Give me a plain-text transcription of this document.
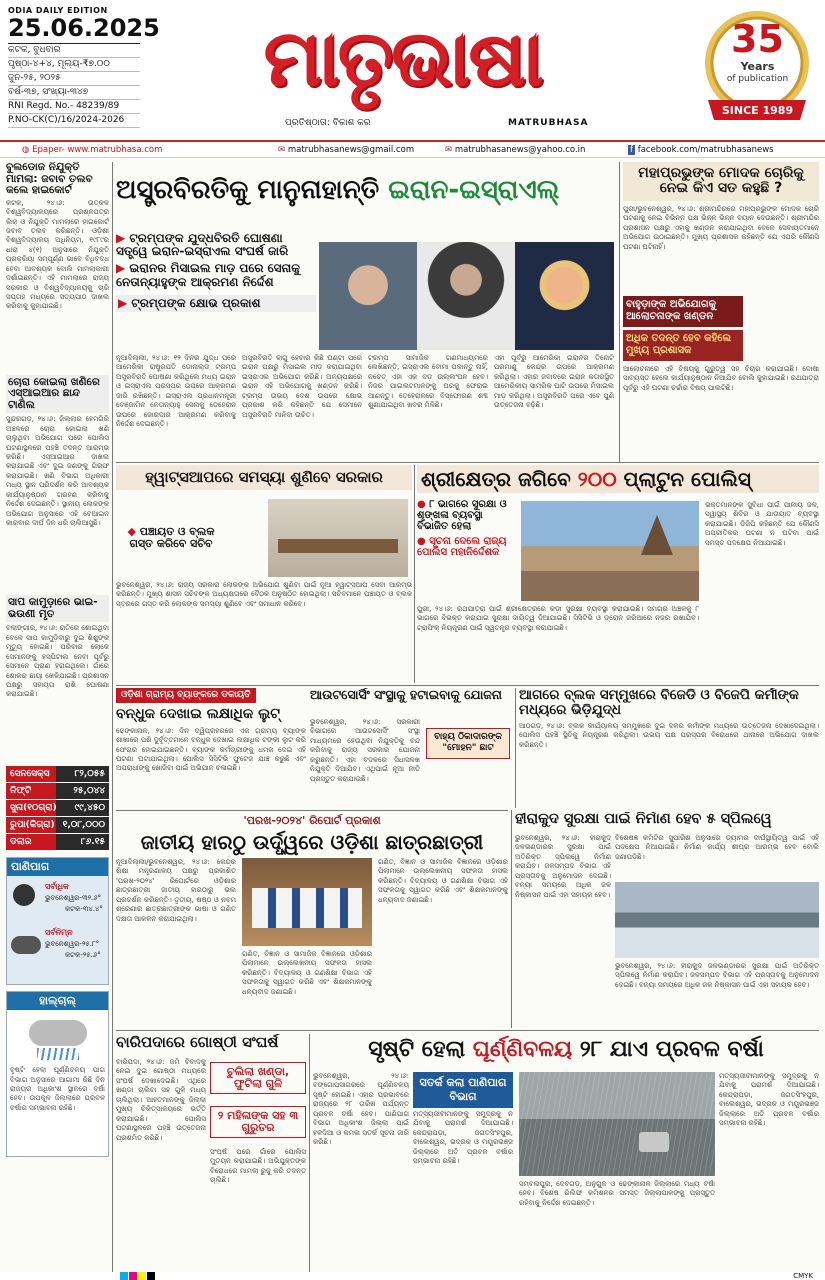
ODIA DAILY EDITION
25.06.2025
କଟକ, ବୁଧବାର
ପୃଷ୍ଠା-୪+୪, ମୂଲ୍ୟ-₹୭.୦୦
ଜୁନ-୨୫, ୨୦୨୫
ବର୍ଷ-୩୭, ସଂଖ୍ୟା-୩୪୭
RNI Regd. No.- 48239/89
P.NO-CK(C)/16/2024-2026
ମାତୃଭାଷା
ପ୍ରତିଷ୍ଠାତା: ବିକାଶ କର	MATRUBHASA
35
Years
of publication
SINCE 1989
◍ Epaper- www.matrubhasa.com	✉ matrubhasanews@gmail.com	✉ matrubhasanews@yahoo.co.in	f facebook.com/matrubhasanews
ବୁଲଡୋଜ ନିଯୁକ୍ତି ମାମଲା: ଜବାବ ତଲବ କଲେ ହାଇକୋର୍ଟ
କଟକ, ୨୪।୬: ଉତ୍କଳ ବିଶ୍ୱବିଦ୍ୟାଳୟରେ ପ୍ରଶ୍ନପତ୍ର ଲିକ୍ ଓ ନିଯୁକ୍ତି ମାମଲାରେ ହାଇକୋର୍ଟ ଜବାବ ତଲବ କରିଛନ୍ତି। ଓଡ଼ିଶା ବିଶ୍ୱବିଦ୍ୟାଳୟ ଅଧିନିୟମ, ୧୯୮୯ର ଧାରା ୪(୧) ଅନୁସାରେ ନିଯୁକ୍ତି ପ୍ରକ୍ରିୟା ସମ୍ପୂର୍ଣ୍ଣ ଭାବେ ବିଧିବଦ୍ଧ ହେବା ଆବଶ୍ୟକ ବୋଲି ମାମଲାକାରୀ ଦର୍ଶାଇଛନ୍ତି। ଏହି ମାମଲାରେ ରାଜ୍ୟ ସରକାର ଓ ବିଶ୍ୱବିଦ୍ୟାଳୟକୁ ଚାରି ସପ୍ତାହ ମଧ୍ୟରେ ସତ୍ୟପାଠ ଦାଖଲ କରିବାକୁ କୁହାଯାଇଛି।
ଚୋରା କୋଇଲା ଖଣିରେ ଏସ୍‌ଆଇଆର ଛାନ୍ଦ ଟାଣିଲ
ସୁନ୍ଦରଗଡ଼, ୨୪।୬: ଜିଲ୍ଲାର ହେମଗିରି ଅଞ୍ଚଳରେ ଚୋରା କୋଇଲା ଖଣି ଚାଲୁଥିବା ଅଭିଯୋଗ ପରେ ପୋଲିସ ଘଟଣାସ୍ଥଳରେ ପହଞ୍ଚି ତଦନ୍ତ ଆରମ୍ଭ କରିଛି। ଏସ୍‌ଆଇଆର ଦାଖଲ କରାଯାଇଛି ଏବଂ ଦୁଇ ଜଣଙ୍କୁ ଗିରଫ କରାଯାଇଛି। ଖଣି ବିଭାଗ ଅଧିକାରୀ ମଧ୍ୟ ସ୍ଥାନ ପରିଦର୍ଶନ କରି ଆବଶ୍ୟକ କାର୍ଯ୍ୟାନୁଷ୍ଠାନ ଗ୍ରହଣ କରିବାକୁ ନିର୍ଦ୍ଦେଶ ଦେଇଛନ୍ତି। ସ୍ଥାନୀୟ ଲୋକଙ୍କ ଅଭିଯୋଗ ଅନୁସାରେ ଏହି ବେଆଇନ କାରବାର ଦୀର୍ଘ ଦିନ ଧରି ଚାଲିଆସୁଛି।
ସାପ କାମୁଡ଼ାରେ ଭାଇ-ଭଉଣୀ ମୃତ
ବଲାଙ୍ଗୀର, ୨୪।୬: ରାତିରେ ଶୋଇଥିବା ବେଳେ ସାପ କାମୁଡ଼ିବାରୁ ଦୁଇ ଶିଶୁଙ୍କ ମୃତ୍ୟୁ ହୋଇଛି। ପରିବାର ଲୋକେ ସେମାନଙ୍କୁ ହସ୍ପିଟାଲ ନେବା ପୂର୍ବରୁ ସେମାନେ ପ୍ରାଣ ହରାଇଥିଲେ। ଗାଁରେ ଶୋକର ଛାୟା ଖେଳିଯାଇଛି। ପ୍ରଶାସନ ପକ୍ଷରୁ ସହାୟତା ରାଶି ଘୋଷଣା କରାଯାଇଛି।
ସେନସେକ୍ସ	୮୨,୦୫୫
ନିଫ୍ଟି	୨୫,୦୪୪
ସୁନା(୧୦ଗ୍ରା)	୯୯,୪୫୦
ରୁପା(କିଗ୍ରା) ୧,୦୮,୦୦୦
ଡଲାର	୮୬.୧୫
ପାଣିପାଗ
ସର୍ବାଧିକ
ଭୁବନେଶ୍ୱର-୩୨.୬°
କଟକ-୩୪.୪°
ସର୍ବନିମ୍ନ
ଭୁବନେଶ୍ୱର-୨୫.୮°
କଟକ-୨୫.୬°
ହାଲ୍‌ଚାଲ୍
ବୃଷ୍ଟି ହେଲା ଘୂର୍ଣ୍ଣିବଳୟ ପାଗ ବିଭାଗ ଅନୁସାରେ ଆଗାମୀ କିଛି ଦିନ ରାଜ୍ୟର ଅଧିକାଂଶ ସ୍ଥାନରେ ବର୍ଷା ହେବ। ଉପକୂଳ ଜିଲ୍ଲାରେ ପ୍ରବଳ ବର୍ଷାର ସମ୍ଭାବନା ରହିଛି।
ଅସ୍ତ୍ରବିରତିକୁ ମାନୁନାହାନ୍ତି ଇରାନ-ଇସ୍ରାଏଲ୍
▶ ଟ୍ରମ୍ପଙ୍କ ଯୁଦ୍ଧବିରତି ଘୋଷଣା ସତ୍ତ୍ୱେ ଇରାନ-ଇସ୍ରାଏଲ ସଂଘର୍ଷ ଜାରି
▶ ଇରାନର ମିସାଇଲ ମାଡ଼ ପରେ ସେନାକୁ ନେତାନ୍ୟାହୁଙ୍କ ଆକ୍ରମଣ ନିର୍ଦ୍ଦେଶ
▶ ଟ୍ରମ୍ପଙ୍କ କ୍ଷୋଭ ପ୍ରକାଶ
ନୂଆଦିଲ୍ଲୀ, ୨୪।୬: ୧୨ ଦିନର ଯୁଦ୍ଧ ପରେ ଆମେରିକା ରାଷ୍ଟ୍ରପତି ଡୋନାଲ୍ଡ ଟ୍ରମ୍ପ ଅସ୍ତ୍ରବିରତି ଘୋଷଣା କରିଥିଲେ ମଧ୍ୟ ଇରାନ ଓ ଇସ୍ରାଏଲ ପରସ୍ପର ଉପରେ ଆକ୍ରମଣ ଜାରି ରଖିଛନ୍ତି। ଇସ୍ରାଏଲ ପ୍ରଧାନମନ୍ତ୍ରୀ ବେଞ୍ଜାମିନ ନେତାନ୍ୟାହୁ ସେନାକୁ ତେହେରାନ ଉପରେ ଜୋରଦାର ଆକ୍ରମଣ କରିବାକୁ ନିର୍ଦ୍ଦେଶ ଦେଇଛନ୍ତି।
ଅସ୍ତ୍ରବିରତି ଲାଗୁ ହେବାର କିଛି ଘଣ୍ଟା ପରେ ଇରାନ ପକ୍ଷରୁ ମିସାଇଲ ମାଡ଼ କରାଯାଇଥିବା ଇସ୍ରାଏଲ ଅଭିଯୋଗ କରିଛି। ଅନ୍ୟପକ୍ଷରେ ଇରାନ ଏହି ଅଭିଯୋଗକୁ ଖଣ୍ଡନ କରିଛି। ଟ୍ରମ୍ପ ଉଭୟ ଦେଶ ଉପରେ କ୍ଷୋଭ ପ୍ରକାଶ କରି କହିଛନ୍ତି ଯେ ସେମାନେ ଅସ୍ତ୍ରବିରତି ମାନିବା ଉଚିତ।
ଟ୍ରମ୍ପ ସାମାଜିକ ଗଣମାଧ୍ୟମରେ ଲେଖିଛନ୍ତି, ଇସ୍ରାଏଲ ବୋମା ପକାନ୍ତୁ ନାହିଁ, ନଚେତ୍ ଏହା ଏକ ବଡ଼ ଉଲ୍ଲଂଘନ ହେବ। ନିଜର ପାଇଲଟମାନଙ୍କୁ ଘରକୁ ଫେରାଇ ଆଣନ୍ତୁ। ତେହେରାନରେ ବିସ୍ଫୋରଣ ଶବ୍ଦ ଶୁଣାଯାଇଥିବା ଖବର ମିଳିଛି।
ଏହା ପୂର୍ବରୁ ଆମେରିକା ଇରାନର ତିନୋଟି ପରମାଣୁ କେନ୍ଦ୍ର ଉପରେ ଆକ୍ରମଣ କରିଥିଲା। ଏହାର ଜବାବରେ ଇରାନ କତାରସ୍ଥିତ ଆମେରିକୀୟ ସାମରିକ ଘାଟି ଉପରେ ମିସାଇଲ ମାଡ଼ କରିଥିଲା। ଅସ୍ତ୍ରବିରତି ପରେ ଏବେ ପୁଣି ଉତ୍ତେଜନା ବଢ଼ିଛି।
ମହାପ୍ରଭୁଙ୍କ ମୋଦକ ଚୋରିକୁ ନେଇ କିଏ ସତ କହୁଛି ?
ପୁରୀ/ଭୁବନେଶ୍ୱର, ୨୪।୬: ଶ୍ରୀମନ୍ଦିରରେ ମହାପ୍ରଭୁଙ୍କ ମୋଦକ ଚୋରି ଘଟଣାକୁ ନେଇ ବିଭିନ୍ନ ପକ୍ଷ ଭିନ୍ନ ଭିନ୍ନ ବୟାନ ଦେଉଛନ୍ତି। ଶ୍ରୀମନ୍ଦିର ପ୍ରଶାସନ ପକ୍ଷରୁ ଏହାକୁ ଖଣ୍ଡନ କରାଯାଇଥିବା ବେଳେ ସେବାୟତମାନେ ଅଭିଯୋଗ ଉଠାଇଛନ୍ତି। ମୁଖ୍ୟ ପ୍ରଶାସକ କହିଛନ୍ତି ଯେ ଏପରି କୌଣସି ଘଟଣା ଘଟିନାହିଁ।
ବାହୁଡ଼ାଙ୍କ ଅଭିଯୋଗକୁ ଆଲୋଚନାଙ୍କ ଖଣ୍ଡନ
ଅଧିକ ତଦନ୍ତ ହେବ କହିଲେ ମୁଖ୍ୟ ପ୍ରଶାସକ
ଆଲୋଚନାରେ ଏହି ବିଷୟକୁ ଗୁରୁତ୍ୱ ସହ ବିଚାର କରାଯାଇଛି। ଦୋଷୀ ସାବ୍ୟସ୍ତ ହେଲେ କାର୍ଯ୍ୟାନୁଷ୍ଠାନ ନିଆଯିବ ବୋଲି କୁହାଯାଇଛି। ରଥଯାତ୍ରା ପୂର୍ବରୁ ଏହି ଘଟଣା ଚର୍ଚ୍ଚାର ବିଷୟ ପାଲଟିଛି।
ହ୍ୱାଟ୍‌ସଆପରେ ସମସ୍ୟା ଶୁଣିବେ ସରକାର
◆ ପଞ୍ଚାୟତ ଓ ବ୍ଲକ ଗସ୍ତ କରିବେ ସଚିବ
ଭୁବନେଶ୍ୱର, ୨୪।୬: ରାଜ୍ୟ ସରକାର ଲୋକଙ୍କ ଅଭିଯୋଗ ଶୁଣିବା ପାଇଁ ନୂଆ ହ୍ୱାଟ୍‌ସଆପ ସେବା ଆରମ୍ଭ କରିଛନ୍ତି। ମୁଖ୍ୟ ଶାସନ ସଚିବଙ୍କ ଅଧ୍ୟକ୍ଷତାରେ ବୈଠକ ଅନୁଷ୍ଠିତ ହୋଇଥିଲା। ସଚିବମାନେ ପଞ୍ଚାୟତ ଓ ବ୍ଲକ ସ୍ତରରେ ଗସ୍ତ କରି ଲୋକଙ୍କ ସମସ୍ୟା ଶୁଣିବେ ଏବଂ ସମାଧାନ କରିବେ।
ଶ୍ରୀକ୍ଷେତ୍ର ଜଗିବେ ୨୦୦ ପ୍ଲାଟୁନ ପୋଲିସ୍
● ୮ ଭାଗରେ ସୁରକ୍ଷା ଓ ଶୃଙ୍ଖଳା ବ୍ୟବସ୍ଥା ବିଭାଜିତ ହେଲା
● ସୂଚନା ଦେଲେ ରାଜ୍ୟ ପୋଲିସ ମହାନିର୍ଦ୍ଦେଶକ
ଭକ୍ତମାନଙ୍କ ସୁବିଧା ପାଇଁ ପାନୀୟ ଜଳ, ସ୍ୱାସ୍ଥ୍ୟ ଶିବିର ଓ ଯାତାୟାତ ବ୍ୟବସ୍ଥା କରାଯାଇଛି। ଡିଜିପି କହିଛନ୍ତି ଯେ କୌଣସି ଅପ୍ରୀତିକର ଘଟଣା ନ ଘଟିବା ପାଇଁ ସମସ୍ତ ପଦକ୍ଷେପ ନିଆଯାଇଛି।
ପୁରୀ, ୨୪।୬: ରଥଯାତ୍ରା ପାଇଁ ଶ୍ରୀକ୍ଷେତ୍ରରେ କଡ଼ା ସୁରକ୍ଷା ବ୍ୟବସ୍ଥା କରାଯାଇଛି। ସମଗ୍ର ଅଞ୍ଚଳକୁ ୮ ଭାଗରେ ବିଭକ୍ତ କରାଯାଇ ସୁରକ୍ଷା ଦାୟିତ୍ୱ ଦିଆଯାଇଛି। ସିସିଟିଭି ଓ ଡ୍ରୋନ ଜରିଆରେ ନଜର ରଖାଯିବ। ଟ୍ରାଫିକ୍ ନିୟନ୍ତ୍ରଣ ପାଇଁ ସ୍ୱତନ୍ତ୍ର ବ୍ୟବସ୍ଥା କରାଯାଇଛି।
ଓଡ଼ିଶା ଗ୍ରାମ୍ୟ ବ୍ୟାଙ୍କରେ ଡକାୟତି
ବନ୍ଧୁକ ଦେଖାଇ ଲକ୍ଷାଧିକ ଲୁଟ୍
ଢେଙ୍କାନାଳ, ୨୪।୬: ଦିନ ଦ୍ୱିପ୍ରହରରେ ଏକ ଗ୍ରାମ୍ୟ ବ୍ୟାଙ୍କ ଶାଖାରେ ପଶି ଦୁର୍ବୃତ୍ତମାନେ ବନ୍ଧୁକ ଦେଖାଇ ଲକ୍ଷାଧିକ ଟଙ୍କା ଲୁଟ କରି ଫେରାର ହୋଇଯାଇଛନ୍ତି। ବ୍ୟାଙ୍କ କର୍ମଚାରୀଙ୍କୁ ଧମକ ଦେଇ ଏହି ଘଟଣା ଘଟାଯାଇଥିଲା। ପୋଲିସ ସିସିଟିଭି ଫୁଟେଜ ଯାଞ୍ଚ କରୁଛି ଏବଂ ଅପରାଧୀଙ୍କୁ ଖୋଜିବା ପାଇଁ ଅଭିଯାନ ଚଳାଇଛି।
ଆଉଟସୋର୍ସିଂ ସଂସ୍ଥାକୁ ହଟାଇବାକୁ ଯୋଜନା
ଭୁବନେଶ୍ୱର, ୨୪।୬: ସରକାରୀ ବିଭାଗରେ ଆଉଟସୋର୍ସିଂ ସଂସ୍ଥା ମାଧ୍ୟମରେ ହେଉଥିବା ନିଯୁକ୍ତିକୁ ବନ୍ଦ କରିବାକୁ ରାଜ୍ୟ ସରକାର ଯୋଜନା କରୁଛନ୍ତି। ଏହା ବଦଳରେ ସିଧାସଳଖ ନିଯୁକ୍ତି ଦିଆଯିବ। ଏଥିପାଇଁ ନୂଆ ନୀତି ପ୍ରସ୍ତୁତ କରାଯାଉଛି।
ବାହ୍ୟ ଠିକାଦାରଙ୍କ "ମୋହନ" ଛାଟ
ଆଗରେ ବ୍ଲକ ସମ୍ମୁଖରେ ବିଜେଡି ଓ ବିଜେପି କର୍ମୀଙ୍କ ମଧ୍ୟରେ ଭିଡ଼ିଯୁଦ୍ଧ
ଆଠଗଡ଼, ୨୪।୬: ବ୍ଲକ କାର୍ଯ୍ୟାଳୟ ସମ୍ମୁଖରେ ଦୁଇ ଦଳର କର୍ମୀଙ୍କ ମଧ୍ୟରେ ଉତ୍ତେଜନା ଦେଖାଦେଇଥିଲା। ପୋଲିସ ପହଞ୍ଚି ସ୍ଥିତିକୁ ନିୟନ୍ତ୍ରଣ କରିଥିଲା। ଉଭୟ ପକ୍ଷ ପରସ୍ପର ବିରୋଧରେ ଥାନାରେ ଅଭିଯୋଗ ଦାଖଲ କରିଛନ୍ତି।
'ପରଖ-୨୦୨୪' ରିପୋର୍ଟ ପ୍ରକାଶ
ଜାତୀୟ ହାରଠୁ ଉର୍ଦ୍ଧ୍ୱରେ ଓଡ଼ିଶା ଛାତ୍ରଛାତ୍ରୀ
ନୂଆଦିଲ୍ଲୀ/ଭୁବନେଶ୍ୱର, ୨୪।୬: କେନ୍ଦ୍ର ଶିକ୍ଷା ମନ୍ତ୍ରଣାଳୟ ପକ୍ଷରୁ ପ୍ରକାଶିତ 'ପରଖ-୨୦୨୪' ରିପୋର୍ଟରେ ଓଡ଼ିଶାର ଛାତ୍ରଛାତ୍ରୀ ଜାତୀୟ ହାରଠାରୁ ଭଲ ପ୍ରଦର୍ଶନ କରିଛନ୍ତି। ତୃତୀୟ, ଷଷ୍ଠ ଓ ନବମ ଶ୍ରେଣୀର ଛାତ୍ରଛାତ୍ରୀଙ୍କ ଭାଷା ଓ ଗଣିତ ଦକ୍ଷତା ଆକଳନ କରାଯାଇଥିଲା।
ଗଣିତ, ବିଜ୍ଞାନ ଓ ସାମାଜିକ ବିଜ୍ଞାନରେ ଓଡ଼ିଶାର ପିଲାମାନେ ଉଲ୍ଲେଖନୀୟ ସଫଳତା ହାସଲ କରିଛନ୍ତି। ବିଦ୍ୟାଳୟ ଓ ଗଣଶିକ୍ଷା ବିଭାଗ ଏହି ସଫଳତାକୁ ସ୍ୱାଗତ କରିଛି ଏବଂ ଶିକ୍ଷକମାନଙ୍କୁ ଧନ୍ୟବାଦ ଜଣାଇଛି।
ଗଣିତ, ବିଜ୍ଞାନ ଓ ସାମାଜିକ ବିଜ୍ଞାନରେ ଓଡ଼ିଶାର ପିଲାମାନେ ଉଲ୍ଲେଖନୀୟ ସଫଳତା ହାସଲ କରିଛନ୍ତି। ବିଦ୍ୟାଳୟ ଓ ଗଣଶିକ୍ଷା ବିଭାଗ ଏହି ସଫଳତାକୁ ସ୍ୱାଗତ କରିଛି ଏବଂ ଶିକ୍ଷକମାନଙ୍କୁ ଧନ୍ୟବାଦ ଜଣାଇଛି।
ହୀରାକୁଦ ସୁରକ୍ଷା ପାଇଁ ନିର୍ମାଣ ହେବ ୫ ସ୍ପିଲୱେ
ଭୁବନେଶ୍ୱର, ୨୪।୬: ହୀରାକୁଦ ଜଳଭଣ୍ଡାରର ସୁରକ୍ଷା ପାଇଁ ଅତିରିକ୍ତ ସ୍ପିଲୱେ ନିର୍ମାଣ କରାଯିବ। ଜଳସମ୍ପଦ ବିଭାଗ ଏହି ପ୍ରସ୍ତାବକୁ ଅନୁମୋଦନ ଦେଇଛି। ବନ୍ୟା ସମୟରେ ଅଧିକ ଜଳ ନିଷ୍କାସନ ପାଇଁ ଏହା ସହାୟକ ହେବ।
ବିଶେଷଜ୍ଞ କମିଟିର ସୁପାରିଶ ଅନୁସାରେ ଡ୍ୟାମର ଦୀର୍ଘସ୍ଥାୟିତ୍ୱ ପାଇଁ ଏହି ପଦକ୍ଷେପ ନିଆଯାଇଛି। ନିର୍ମାଣ କାର୍ଯ୍ୟ ଶୀଘ୍ର ଆରମ୍ଭ ହେବ ବୋଲି ଜଣାପଡ଼ିଛି।
ଭୁବନେଶ୍ୱର, ୨୪।୬: ହୀରାକୁଦ ଜଳଭଣ୍ଡାରର ସୁରକ୍ଷା ପାଇଁ ଅତିରିକ୍ତ ସ୍ପିଲୱେ ନିର୍ମାଣ କରାଯିବ। ଜଳସମ୍ପଦ ବିଭାଗ ଏହି ପ୍ରସ୍ତାବକୁ ଅନୁମୋଦନ ଦେଇଛି। ବନ୍ୟା ସମୟରେ ଅଧିକ ଜଳ ନିଷ୍କାସନ ପାଇଁ ଏହା ସହାୟକ ହେବ।
ବାରିପଦାରେ ଗୋଷ୍ଠୀ ସଂଘର୍ଷ
ବାରିପଦା, ୨୪।୬: ଜମି ବିବାଦକୁ ନେଇ ଦୁଇ ଗୋଷ୍ଠୀ ମଧ୍ୟରେ ସଂଘର୍ଷ ଦେଖାଦେଇଛି। ଏଥିରେ ଖଣ୍ଡା ଚାଲିବା ସହ ଗୁଳି ମଧ୍ୟ ଚାଲିଥିଲା। ଆହତମାନଙ୍କୁ ଜିଲ୍ଲା ମୁଖ୍ୟ ଚିକିତ୍ସାଳୟରେ ଭର୍ତ୍ତି କରାଯାଇଛି। ପୋଲିସ ଘଟଣାସ୍ଥଳରେ ପହଞ୍ଚି ଉତ୍ତେଜନା ପ୍ରଶମିତ କରିଛି।
ଚୁଲିଲା ଖଣ୍ଡା, ଫୁଟିଲା ଗୁଳି
୨ ମହିଳାଙ୍କ ସହ ୩ ଗୁରୁତର
ସଂଘର୍ଷ ପରେ ଗାଁରେ ପୋଲିସ ମୁତୟନ କରାଯାଇଛି। ଅଭିଯୁକ୍ତଙ୍କ ବିରୋଧରେ ମାମଲା ରୁଜୁ କରି ତଦନ୍ତ ଚାଲିଛି।
ସୃଷ୍ଟି ହେଲା ଘୂର୍ଣ୍ଣିବଳୟ ୨୮ ଯାଏ ପ୍ରବଳ ବର୍ଷା
ଭୁବନେଶ୍ୱର, ୨୪।୬: ବଙ୍ଗୋପସାଗରରେ ଘୂର୍ଣ୍ଣିବଳୟ ସୃଷ୍ଟି ହୋଇଛି। ଏହାର ପ୍ରଭାବରେ ରାଜ୍ୟରେ ୨୮ ତାରିଖ ପର୍ଯ୍ୟନ୍ତ ପ୍ରବଳ ବର୍ଷା ହେବ। ପାଣିପାଗ ବିଭାଗ ଅଧିକାଂଶ ଜିଲ୍ଲା ପାଇଁ ହଳଦିଆ ଓ କମଳା ସତର୍କ ସୂଚନା ଜାରି କରିଛି।
ସତର୍କ କଲା ପାଣିପାଗ ବିଭାଗ
ମତ୍ସ୍ୟଜୀବୀମାନଙ୍କୁ ସମୁଦ୍ରକୁ ନ ଯିବାକୁ ପରାମର୍ଶ ଦିଆଯାଇଛି। କେନ୍ଦ୍ରାପଡ଼ା, ଜଗତସିଂହପୁର, ବାଲେଶ୍ୱର, ଭଦ୍ରକ ଓ ମୟୂରଭଞ୍ଜ ଜିଲ୍ଲାରେ ଅତି ପ୍ରବଳ ବର୍ଷାର ସମ୍ଭାବନା ରହିଛି।
ସମ୍ବଲପୁର, ଦେବଗଡ଼, ଅନୁଗୁଳ ଓ ଢେଙ୍କାନାଳ ଜିଲ୍ଲାରେ ମଧ୍ୟ ବର୍ଷା ହେବ। ବିଶେଷ ରିଲିଫ କମିଶନର ସମସ୍ତ ଜିଲ୍ଲାପାଳଙ୍କୁ ପ୍ରସ୍ତୁତ ରହିବାକୁ ନିର୍ଦ୍ଦେଶ ଦେଇଛନ୍ତି।
ମତ୍ସ୍ୟଜୀବୀମାନଙ୍କୁ ସମୁଦ୍ରକୁ ନ ଯିବାକୁ ପରାମର୍ଶ ଦିଆଯାଇଛି। କେନ୍ଦ୍ରାପଡ଼ା, ଜଗତସିଂହପୁର, ବାଲେଶ୍ୱର, ଭଦ୍ରକ ଓ ମୟୂରଭଞ୍ଜ ଜିଲ୍ଲାରେ ଅତି ପ୍ରବଳ ବର୍ଷାର ସମ୍ଭାବନା ରହିଛି।
CMYK
